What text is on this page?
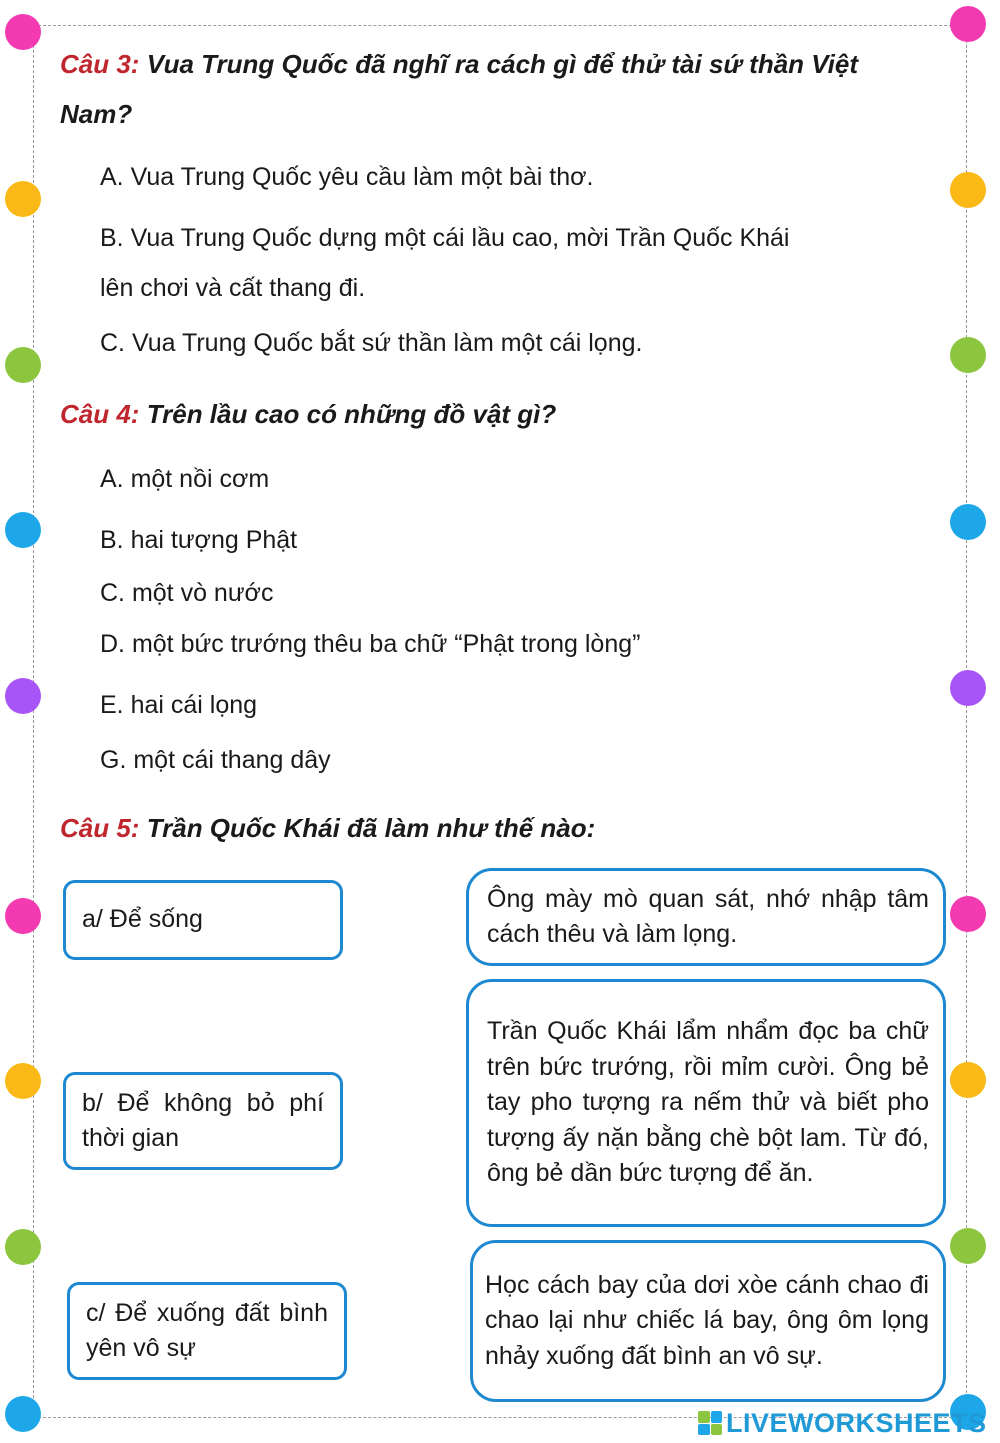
Câu 3: Vua Trung Quốc đã nghĩ ra cách gì để thử tài sứ thần Việt
Nam?
A. Vua Trung Quốc yêu cầu làm một bài thơ.
B. Vua Trung Quốc dựng một cái lầu cao, mời Trần Quốc Khái
lên chơi và cất thang đi.
C. Vua Trung Quốc bắt sứ thần làm một cái lọng.
Câu 4: Trên lầu cao có những đồ vật gì?
A. một nồi cơm
B. hai tượng Phật
C. một vò nước
D. một bức trướng thêu ba chữ “Phật trong lòng”
E. hai cái lọng
G. một cái thang dây
Câu 5: Trần Quốc Khái đã làm như thế nào:
a/ Để sống
b/ Để không bỏ phí thời gian
c/ Để xuống đất bình yên vô sự
Ông mày mò quan sát, nhớ nhập tâm cách thêu và làm lọng.
Trần Quốc Khái lẩm nhẩm đọc ba chữ trên bức trướng, rồi mỉm cười. Ông bẻ tay pho tượng ra nếm thử và biết pho tượng ấy nặn bằng chè bột lam. Từ đó, ông bẻ dần bức tượng để ăn.
Học cách bay của dơi xòe cánh chao đi chao lại như chiếc lá bay, ông ôm lọng nhảy xuống đất bình an vô sự.
LIVEWORKSHEETS
